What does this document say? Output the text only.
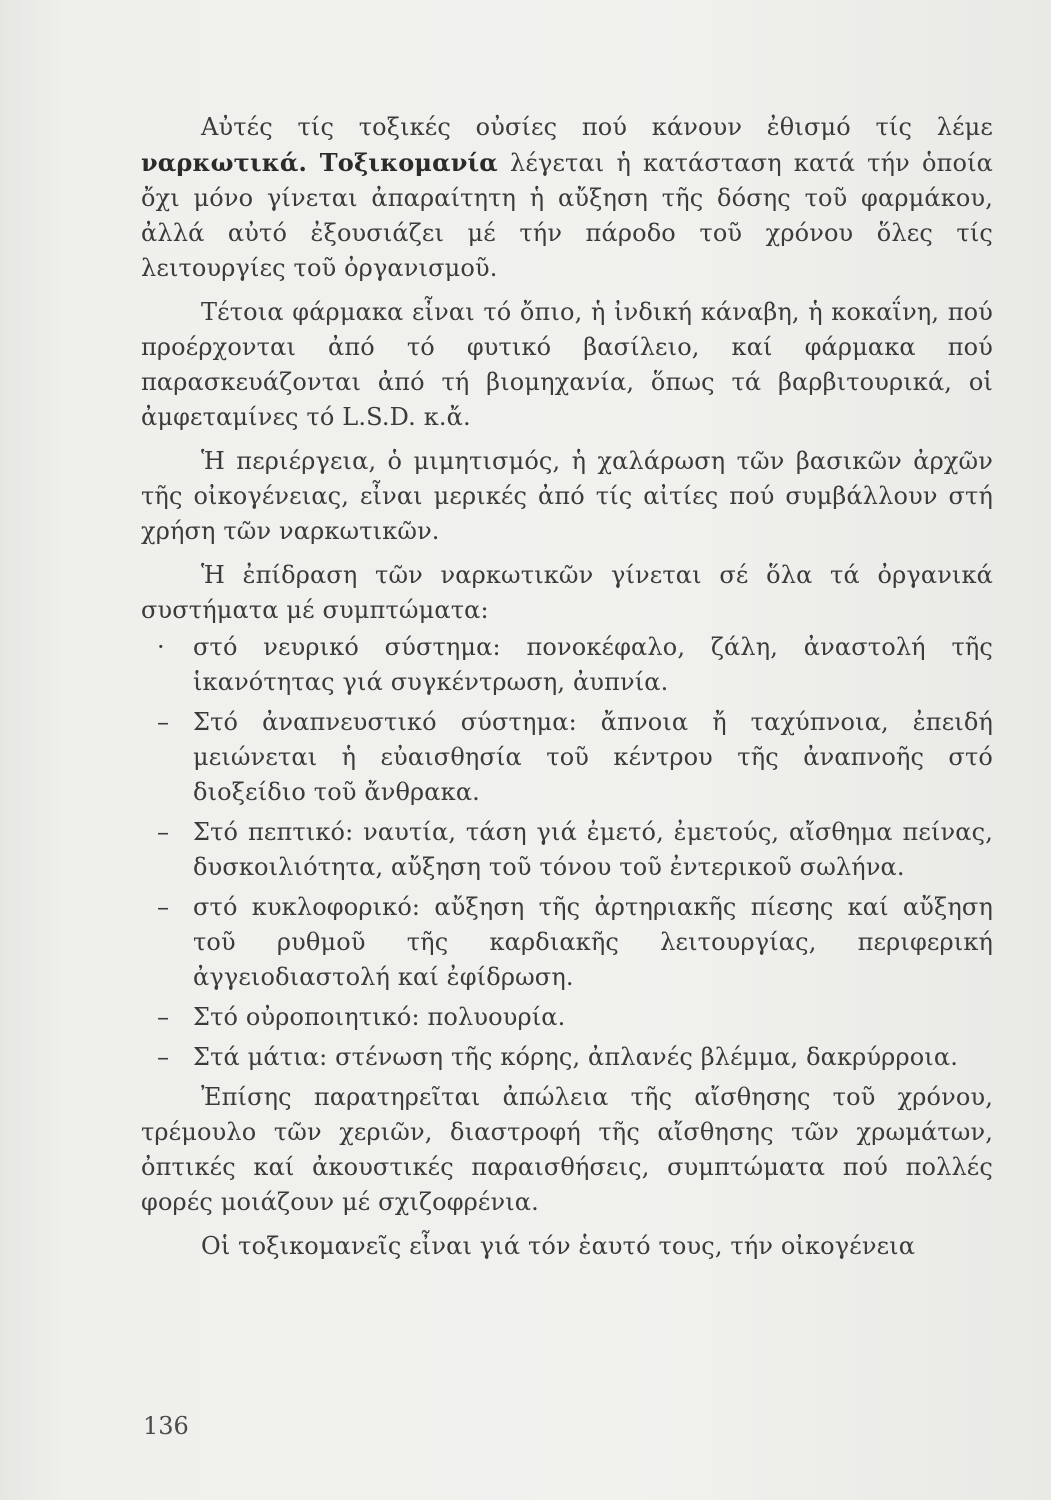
Αὐτές τίς τοξικές οὐσίες πού κάνουν ἐθισμό τίς λέμε ναρκωτικά. Τοξικομανία λέγεται ἡ κατάσταση κατά τήν ὁποία ὄχι μόνο γίνεται ἀπαραίτητη ἡ αὔξηση τῆς δόσης τοῦ φαρμάκου, ἀλλά αὐτό ἐξουσιάζει μέ τήν πάροδο τοῦ χρόνου ὅλες τίς λειτουργίες τοῦ ὀργανισμοῦ.

Τέτοια φάρμακα εἶναι τό ὄπιο, ἡ ἰνδική κάναβη, ἡ κοκαΐνη, πού προέρχονται ἀπό τό φυτικό βασίλειο, καί φάρμακα πού παρασκευάζονται ἀπό τή βιομηχανία, ὅπως τά βαρβιτουρικά, οἱ ἀμφεταμίνες τό L.S.D. κ.ἄ.

Ἡ περιέργεια, ὁ μιμητισμός, ἡ χαλάρωση τῶν βασικῶν ἀρχῶν τῆς οἰκογένειας, εἶναι μερικές ἀπό τίς αἰτίες πού συμβάλλουν στή χρήση τῶν ναρκωτικῶν.

Ἡ ἐπίδραση τῶν ναρκωτικῶν γίνεται σέ ὅλα τά ὀργανικά συστήματα μέ συμπτώματα:

·	στό νευρικό σύστημα: πονοκέφαλο, ζάλη, ἀναστολή τῆς ἱκανότητας γιά συγκέντρωση, ἀυπνία.
– Στό ἀναπνευστικό σύστημα: ἄπνοια ἤ ταχύπνοια, ἐπειδή μειώνεται ἡ εὐαισθησία τοῦ κέντρου τῆς ἀναπνοῆς στό διοξείδιο τοῦ ἄνθρακα.
– Στό πεπτικό: ναυτία, τάση γιά ἐμετό, ἐμετούς, αἴσθημα πείνας, δυσκοιλιότητα, αὔξηση τοῦ τόνου τοῦ ἐντερικοῦ σωλήνα.
– στό κυκλοφορικό: αὔξηση τῆς ἀρτηριακῆς πίεσης καί αὔξηση τοῦ ρυθμοῦ τῆς καρδιακῆς λειτουργίας, περιφερική ἀγγειοδιαστολή καί ἐφίδρωση.
– Στό οὐροποιητικό: πολυουρία.
– Στά μάτια: στένωση τῆς κόρης, ἀπλανές βλέμμα, δακρύρροια.

Ἐπίσης παρατηρεῖται ἀπώλεια τῆς αἴσθησης τοῦ χρόνου, τρέμουλο τῶν χεριῶν, διαστροφή τῆς αἴσθησης τῶν χρωμάτων, ὀπτικές καί ἀκουστικές παραισθήσεις, συμπτώματα πού πολλές φορές μοιάζουν μέ σχιζοφρένια.

Οἱ τοξικομανεῖς εἶναι γιά τόν ἑαυτό τους, τήν οἰκογένεια

136
